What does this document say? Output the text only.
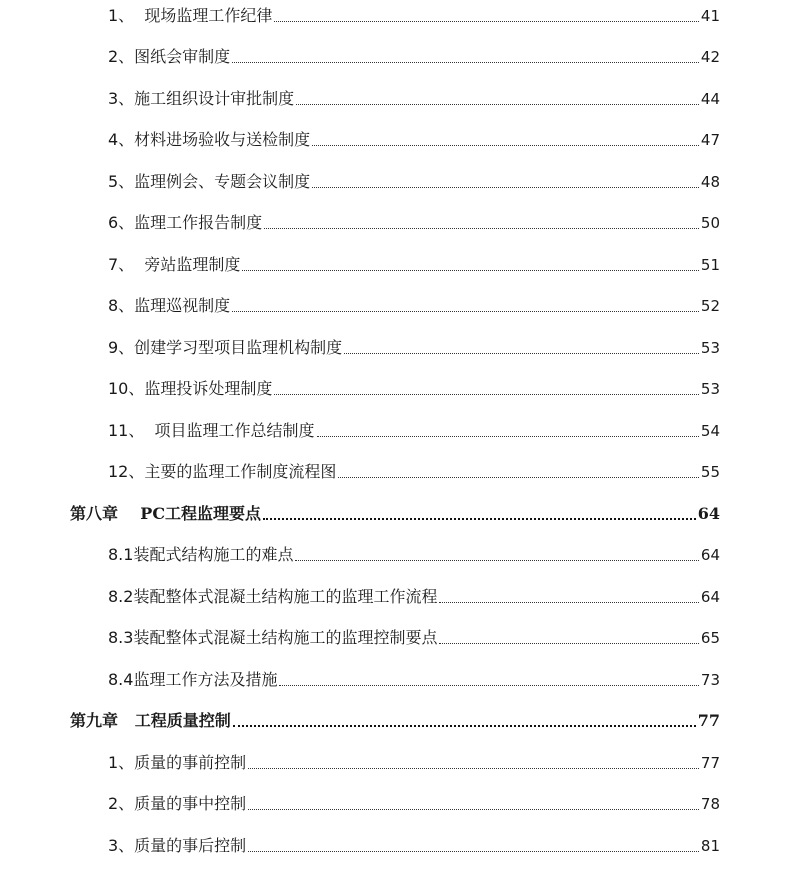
1、  现场监理工作纪律	41
2、图纸会审制度	42
3、施工组织设计审批制度	44
4、材料进场验收与送检制度	47
5、监理例会、专题会议制度	48
6、监理工作报告制度	50
7、  旁站监理制度	51
8、监理巡视制度	52
9、创建学习型项目监理机构制度	53
10、监理投诉处理制度	53
11、  项目监理工作总结制度	54
12、主要的监理工作制度流程图	55
第八章    PC工程监理要点	64
8.1装配式结构施工的难点	64
8.2装配整体式混凝土结构施工的监理工作流程	64
8.3装配整体式混凝土结构施工的监理控制要点	65
8.4监理工作方法及措施	73
第九章   工程质量控制	77
1、质量的事前控制	77
2、质量的事中控制	78
3、质量的事后控制	81
